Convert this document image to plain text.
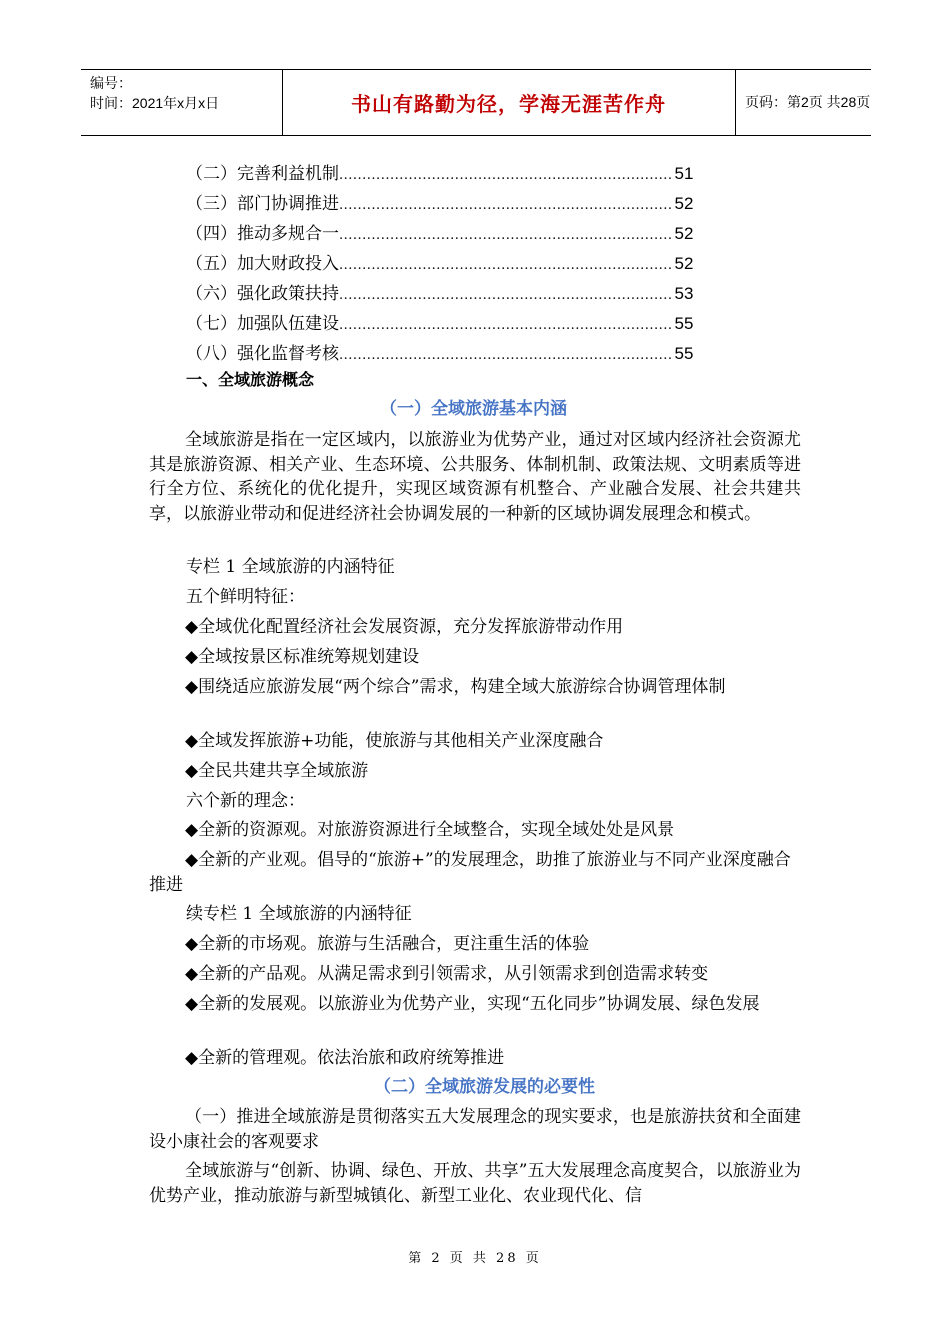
编号：
时间：2021年x月x日	书山有路勤为径，学海无涯苦作舟	页码：第2页 共28页
（二）完善利益机制 ........................................................................ 51
（三）部门协调推进 ........................................................................ 52
（四）推动多规合一 ........................................................................ 52
（五）加大财政投入 ........................................................................ 52
（六）强化政策扶持 ........................................................................ 53
（七）加强队伍建设 ........................................................................ 55
（八）强化监督考核 ........................................................................ 55
一、全域旅游概念
（一）全域旅游基本内涵
全域旅游是指在一定区域内，以旅游业为优势产业，通过对区域内经济社会资源尤其是旅游资源、相关产业、生态环境、公共服务、体制机制、政策法规、文明素质等进行全方位、系统化的优化提升，实现区域资源有机整合、产业融合发展、社会共建共享，以旅游业带动和促进经济社会协调发展的一种新的区域协调发展理念和模式。
专栏 1 全域旅游的内涵特征
五个鲜明特征：
◆全域优化配置经济社会发展资源，充分发挥旅游带动作用
◆全域按景区标准统筹规划建设
◆围绕适应旅游发展“两个综合”需求，构建全域大旅游综合协调管理体制
◆全域发挥旅游+功能，使旅游与其他相关产业深度融合
◆全民共建共享全域旅游
六个新的理念：
◆全新的资源观。对旅游资源进行全域整合，实现全域处处是风景
◆全新的产业观。倡导的“旅游+”的发展理念，助推了旅游业与不同产业深度融合推进
续专栏 1 全域旅游的内涵特征
◆全新的市场观。旅游与生活融合，更注重生活的体验
◆全新的产品观。从满足需求到引领需求，从引领需求到创造需求转变
◆全新的发展观。以旅游业为优势产业，实现“五化同步”协调发展、绿色发展
◆全新的管理观。依法治旅和政府统筹推进
（二）全域旅游发展的必要性
（一）推进全域旅游是贯彻落实五大发展理念的现实要求，也是旅游扶贫和全面建设小康社会的客观要求
全域旅游与“创新、协调、绿色、开放、共享”五大发展理念高度契合，以旅游业为优势产业，推动旅游与新型城镇化、新型工业化、农业现代化、信
第 2 页 共 28 页
